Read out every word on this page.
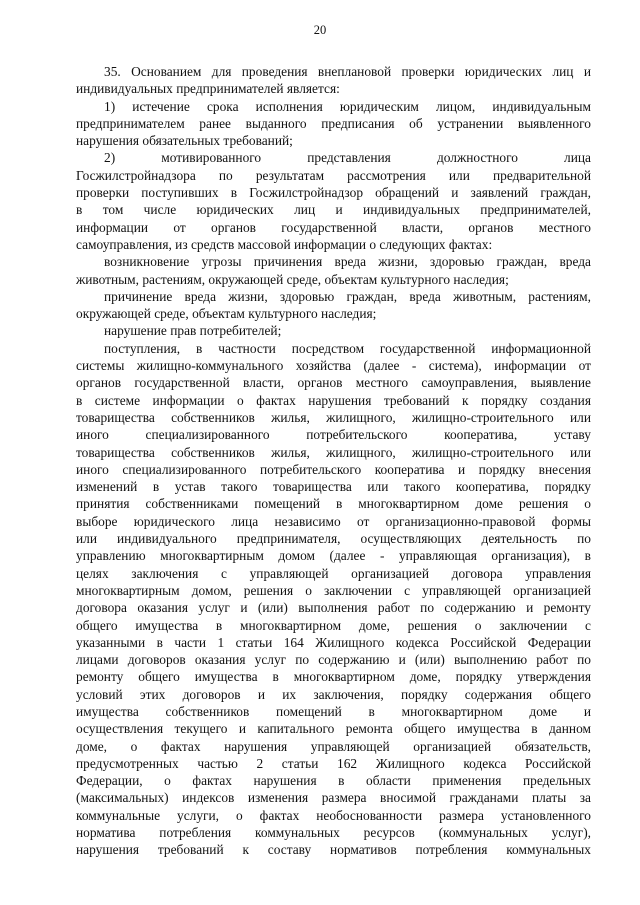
20
35. Основанием для проведения внеплановой проверки юридических лиц и
индивидуальных предпринимателей является:
1) истечение срока исполнения юридическим лицом, индивидуальным
предпринимателем ранее выданного предписания об устранении выявленного
нарушения обязательных требований;
2) мотивированного представления должностного лица
Госжилстройнадзора по результатам рассмотрения или предварительной
проверки поступивших в Госжилстройнадзор обращений и заявлений граждан,
в том числе юридических лиц и индивидуальных предпринимателей,
информации от органов государственной власти, органов местного
самоуправления, из средств массовой информации о следующих фактах:
возникновение угрозы причинения вреда жизни, здоровью граждан, вреда
животным, растениям, окружающей среде, объектам культурного наследия;
причинение вреда жизни, здоровью граждан, вреда животным, растениям,
окружающей среде, объектам культурного наследия;
нарушение прав потребителей;
поступления, в частности посредством государственной информационной
системы жилищно-коммунального хозяйства (далее - система), информации от
органов государственной власти, органов местного самоуправления, выявление
в системе информации о фактах нарушения требований к порядку создания
товарищества собственников жилья, жилищного, жилищно-строительного или
иного специализированного потребительского кооператива, уставу
товарищества собственников жилья, жилищного, жилищно-строительного или
иного специализированного потребительского кооператива и порядку внесения
изменений в устав такого товарищества или такого кооператива, порядку
принятия собственниками помещений в многоквартирном доме решения о
выборе юридического лица независимо от организационно-правовой формы
или индивидуального предпринимателя, осуществляющих деятельность по
управлению многоквартирным домом (далее - управляющая организация), в
целях заключения с управляющей организацией договора управления
многоквартирным домом, решения о заключении с управляющей организацией
договора оказания услуг и (или) выполнения работ по содержанию и ремонту
общего имущества в многоквартирном доме, решения о заключении с
указанными в части 1 статьи 164 Жилищного кодекса Российской Федерации
лицами договоров оказания услуг по содержанию и (или) выполнению работ по
ремонту общего имущества в многоквартирном доме, порядку утверждения
условий этих договоров и их заключения, порядку содержания общего
имущества собственников помещений в многоквартирном доме и
осуществления текущего и капитального ремонта общего имущества в данном
доме, о фактах нарушения управляющей организацией обязательств,
предусмотренных частью 2 статьи 162 Жилищного кодекса Российской
Федерации, о фактах нарушения в области применения предельных
(максимальных) индексов изменения размера вносимой гражданами платы за
коммунальные услуги, о фактах необоснованности размера установленного
норматива потребления коммунальных ресурсов (коммунальных услуг),
нарушения требований к составу нормативов потребления коммунальных
